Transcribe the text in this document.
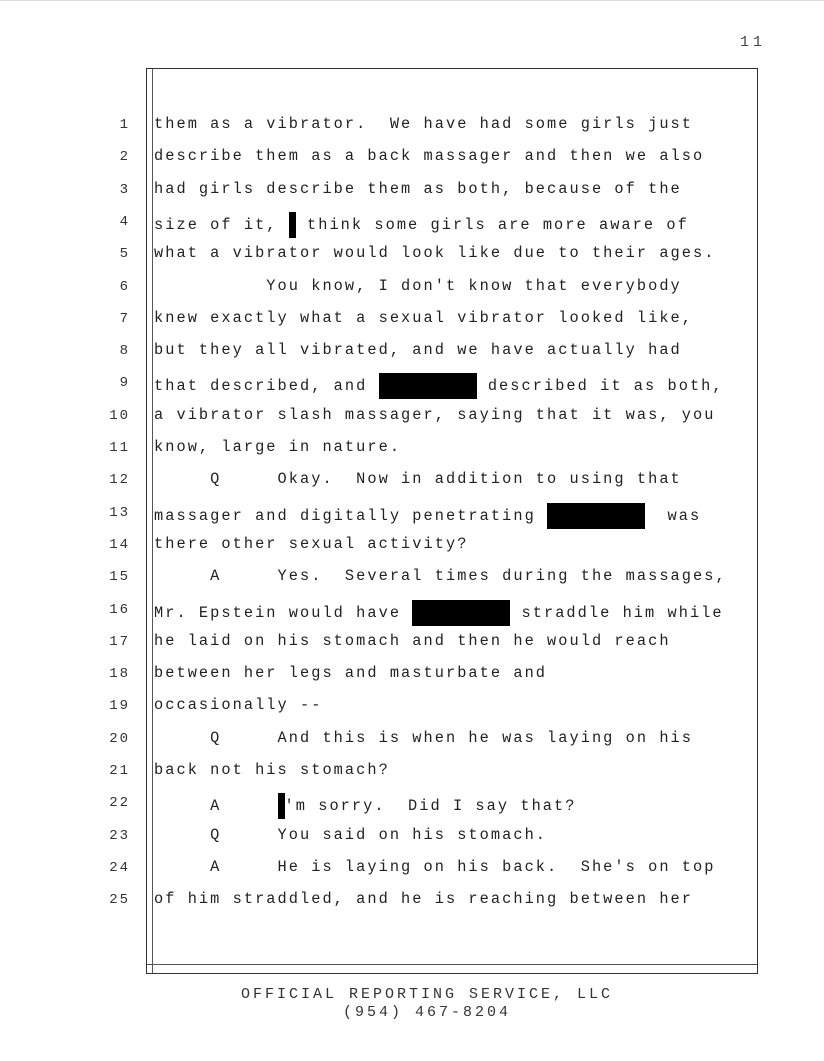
11
1 them as a vibrator.  We have had some girls just
2 describe them as a back massager and then we also
3 had girls describe them as both, because of the
4 size of it,  think some girls are more aware of
5 what a vibrator would look like due to their ages.
6 You know, I don't know that everybody
7 knew exactly what a sexual vibrator looked like,
8 but they all vibrated, and we have actually had
9 that described, and	described it as both,
10 a vibrator slash massager, saying that it was, you
11 know, large in nature.
12 Q     Okay.  Now in addition to using that
13 massager and digitally penetrating	was
14 there other sexual activity?
15 A     Yes.  Several times during the massages,
16 Mr. Epstein would have	straddle him while
17 he laid on his stomach and then he would reach
18 between her legs and masturbate and
19 occasionally --
20 Q     And this is when he was laying on his
21 back not his stomach?
22 A     'm sorry.  Did I say that?
23 Q     You said on his stomach.
24 A     He is laying on his back.  She's on top
25 of him straddled, and he is reaching between her
OFFICIAL REPORTING SERVICE, LLC
(954) 467-8204
